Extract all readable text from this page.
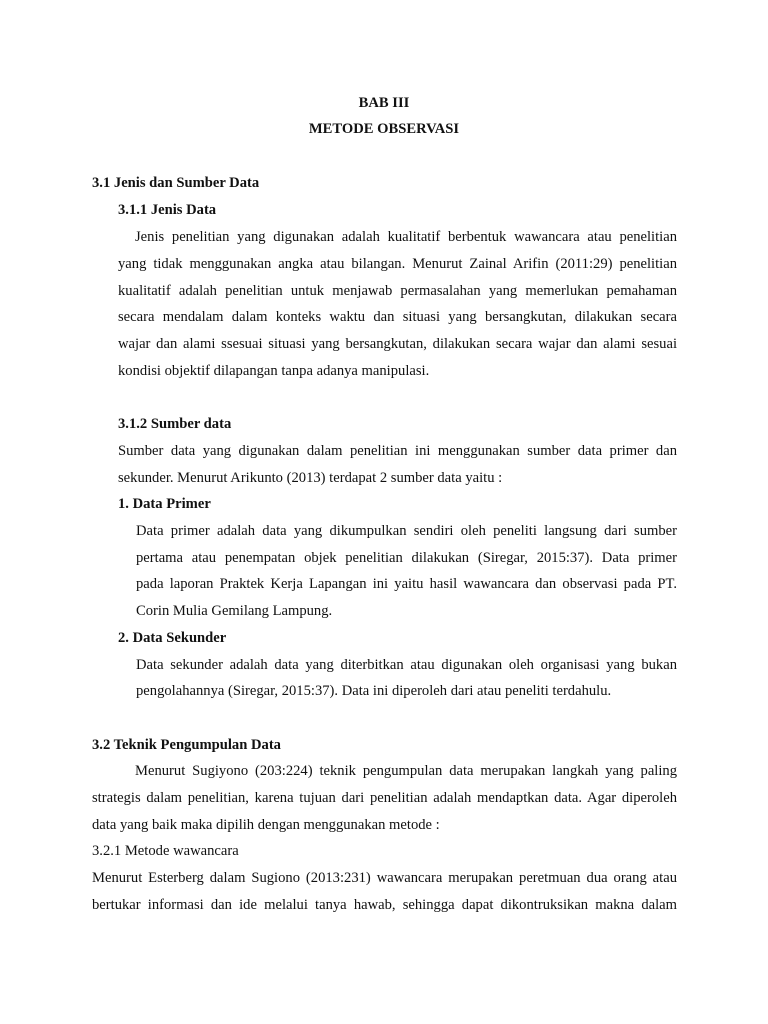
BAB III
METODE OBSERVASI
3.1 Jenis dan Sumber Data
3.1.1 Jenis Data
Jenis penelitian yang digunakan adalah kualitatif berbentuk wawancara atau penelitian
yang tidak menggunakan angka atau bilangan. Menurut Zainal Arifin (2011:29) penelitian
kualitatif adalah penelitian untuk menjawab permasalahan yang memerlukan pemahaman
secara mendalam dalam konteks waktu dan situasi yang bersangkutan, dilakukan secara
wajar dan alami ssesuai situasi yang bersangkutan, dilakukan secara wajar dan alami sesuai
kondisi objektif dilapangan tanpa adanya manipulasi.
3.1.2 Sumber data
Sumber data yang digunakan dalam penelitian ini menggunakan sumber data primer dan
sekunder. Menurut Arikunto (2013) terdapat 2 sumber data yaitu :
1. Data Primer
Data primer adalah data yang dikumpulkan sendiri oleh peneliti langsung dari sumber
pertama atau penempatan objek penelitian dilakukan (Siregar, 2015:37). Data primer
pada laporan Praktek Kerja Lapangan ini yaitu hasil wawancara dan observasi pada PT.
Corin Mulia Gemilang Lampung.
2. Data Sekunder
Data sekunder adalah data yang diterbitkan atau digunakan oleh organisasi yang bukan
pengolahannya (Siregar, 2015:37). Data ini diperoleh dari atau peneliti terdahulu.
3.2 Teknik Pengumpulan Data
Menurut Sugiyono (203:224) teknik pengumpulan data merupakan langkah yang paling
strategis dalam penelitian, karena tujuan dari penelitian adalah mendaptkan data. Agar diperoleh
data yang baik maka dipilih dengan menggunakan metode :
3.2.1 Metode wawancara
Menurut Esterberg dalam Sugiono (2013:231) wawancara merupakan peretmuan dua orang atau
bertukar informasi dan ide melalui tanya hawab, sehingga dapat dikontruksikan makna dalam
